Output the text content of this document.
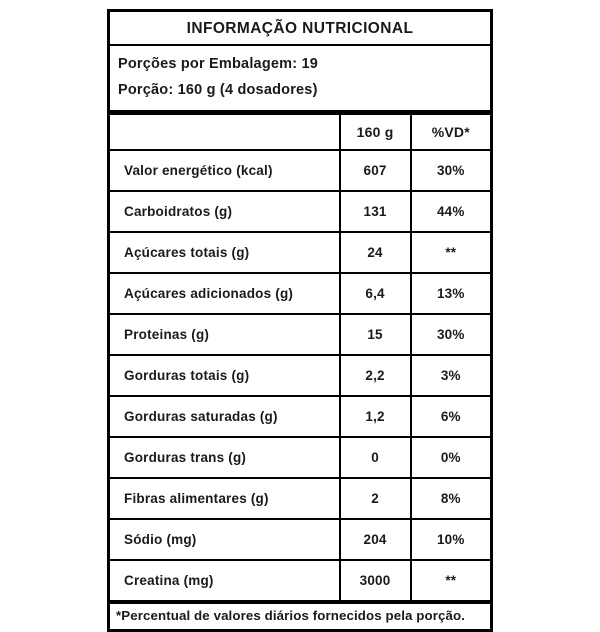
INFORMAÇÃO NUTRICIONAL
Porções por Embalagem: 19
Porção: 160 g (4 dosadores)
	160 g	%VD*
Valor energético (kcal)	607	30%
Carboidratos (g)	131	44%
Açúcares totais (g)	24	**
Açúcares adicionados (g)	6,4	13%
Proteinas (g)	15	30%
Gorduras totais (g)	2,2	3%
Gorduras saturadas (g)	1,2	6%
Gorduras trans (g)	0	0%
Fibras alimentares (g)	2	8%
Sódio (mg)	204	10%
Creatina (mg)	3000	**
*Percentual de valores diários fornecidos pela porção.
